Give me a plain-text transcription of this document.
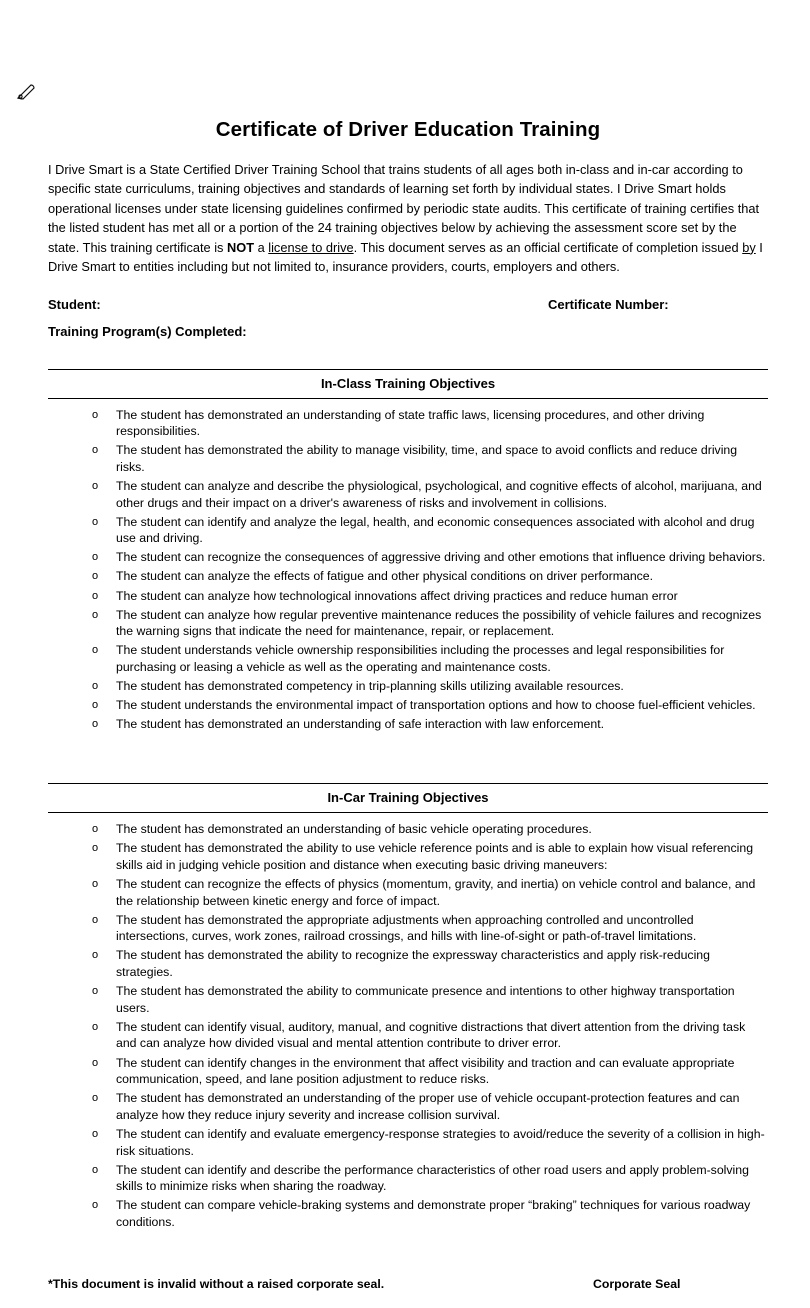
Certificate of Driver Education Training

I Drive Smart is a State Certified Driver Training School that trains students of all ages both in-class and in-car according to specific state curriculums, training objectives and standards of learning set forth by individual states. I Drive Smart holds operational licenses under state licensing guidelines confirmed by periodic state audits. This certificate of training certifies that the listed student has met all or a portion of the 24 training objectives below by achieving the assessment score set by the state. This training certificate is NOT a license to drive. This document serves as an official certificate of completion issued by I Drive Smart to entities including but not limited to, insurance providers, courts, employers and others.

Student:	Certificate Number:
Training Program(s) Completed:
In-Class Training Objectives
o The student has demonstrated an understanding of state traffic laws, licensing procedures, and other driving responsibilities.
o The student has demonstrated the ability to manage visibility, time, and space to avoid conflicts and reduce driving risks.
o The student can analyze and describe the physiological, psychological, and cognitive effects of alcohol, marijuana, and other drugs and their impact on a driver's awareness of risks and involvement in collisions.
o The student can identify and analyze the legal, health, and economic consequences associated with alcohol and drug use and driving.
o The student can recognize the consequences of aggressive driving and other emotions that influence driving behaviors.
o The student can analyze the effects of fatigue and other physical conditions on driver performance.
o The student can analyze how technological innovations affect driving practices and reduce human error
o The student can analyze how regular preventive maintenance reduces the possibility of vehicle failures and recognizes the warning signs that indicate the need for maintenance, repair, or replacement.
o The student understands vehicle ownership responsibilities including the processes and legal responsibilities for purchasing or leasing a vehicle as well as the operating and maintenance costs.
o The student has demonstrated competency in trip-planning skills utilizing available resources.
o The student understands the environmental impact of transportation options and how to choose fuel-efficient vehicles.
o The student has demonstrated an understanding of safe interaction with law enforcement.
In-Car Training Objectives
o The student has demonstrated an understanding of basic vehicle operating procedures.
o The student has demonstrated the ability to use vehicle reference points and is able to explain how visual referencing skills aid in judging vehicle position and distance when executing basic driving maneuvers:
o The student can recognize the effects of physics (momentum, gravity, and inertia) on vehicle control and balance, and the relationship between kinetic energy and force of impact.
o The student has demonstrated the appropriate adjustments when approaching controlled and uncontrolled intersections, curves, work zones, railroad crossings, and hills with line-of-sight or path-of-travel limitations.
o The student has demonstrated the ability to recognize the expressway characteristics and apply risk-reducing strategies.
o The student has demonstrated the ability to communicate presence and intentions to other highway transportation users.
o The student can identify visual, auditory, manual, and cognitive distractions that divert attention from the driving task and can analyze how divided visual and mental attention contribute to driver error.
o The student can identify changes in the environment that affect visibility and traction and can evaluate appropriate communication, speed, and lane position adjustment to reduce risks.
o The student has demonstrated an understanding of the proper use of vehicle occupant-protection features and can analyze how they reduce injury severity and increase collision survival.
o The student can identify and evaluate emergency-response strategies to avoid/reduce the severity of a collision in high-risk situations.
o The student can identify and describe the performance characteristics of other road users and apply problem-solving skills to minimize risks when sharing the roadway.
o The student can compare vehicle-braking systems and demonstrate proper “braking” techniques for various roadway conditions.
*This document is invalid without a raised corporate seal.	Corporate Seal
